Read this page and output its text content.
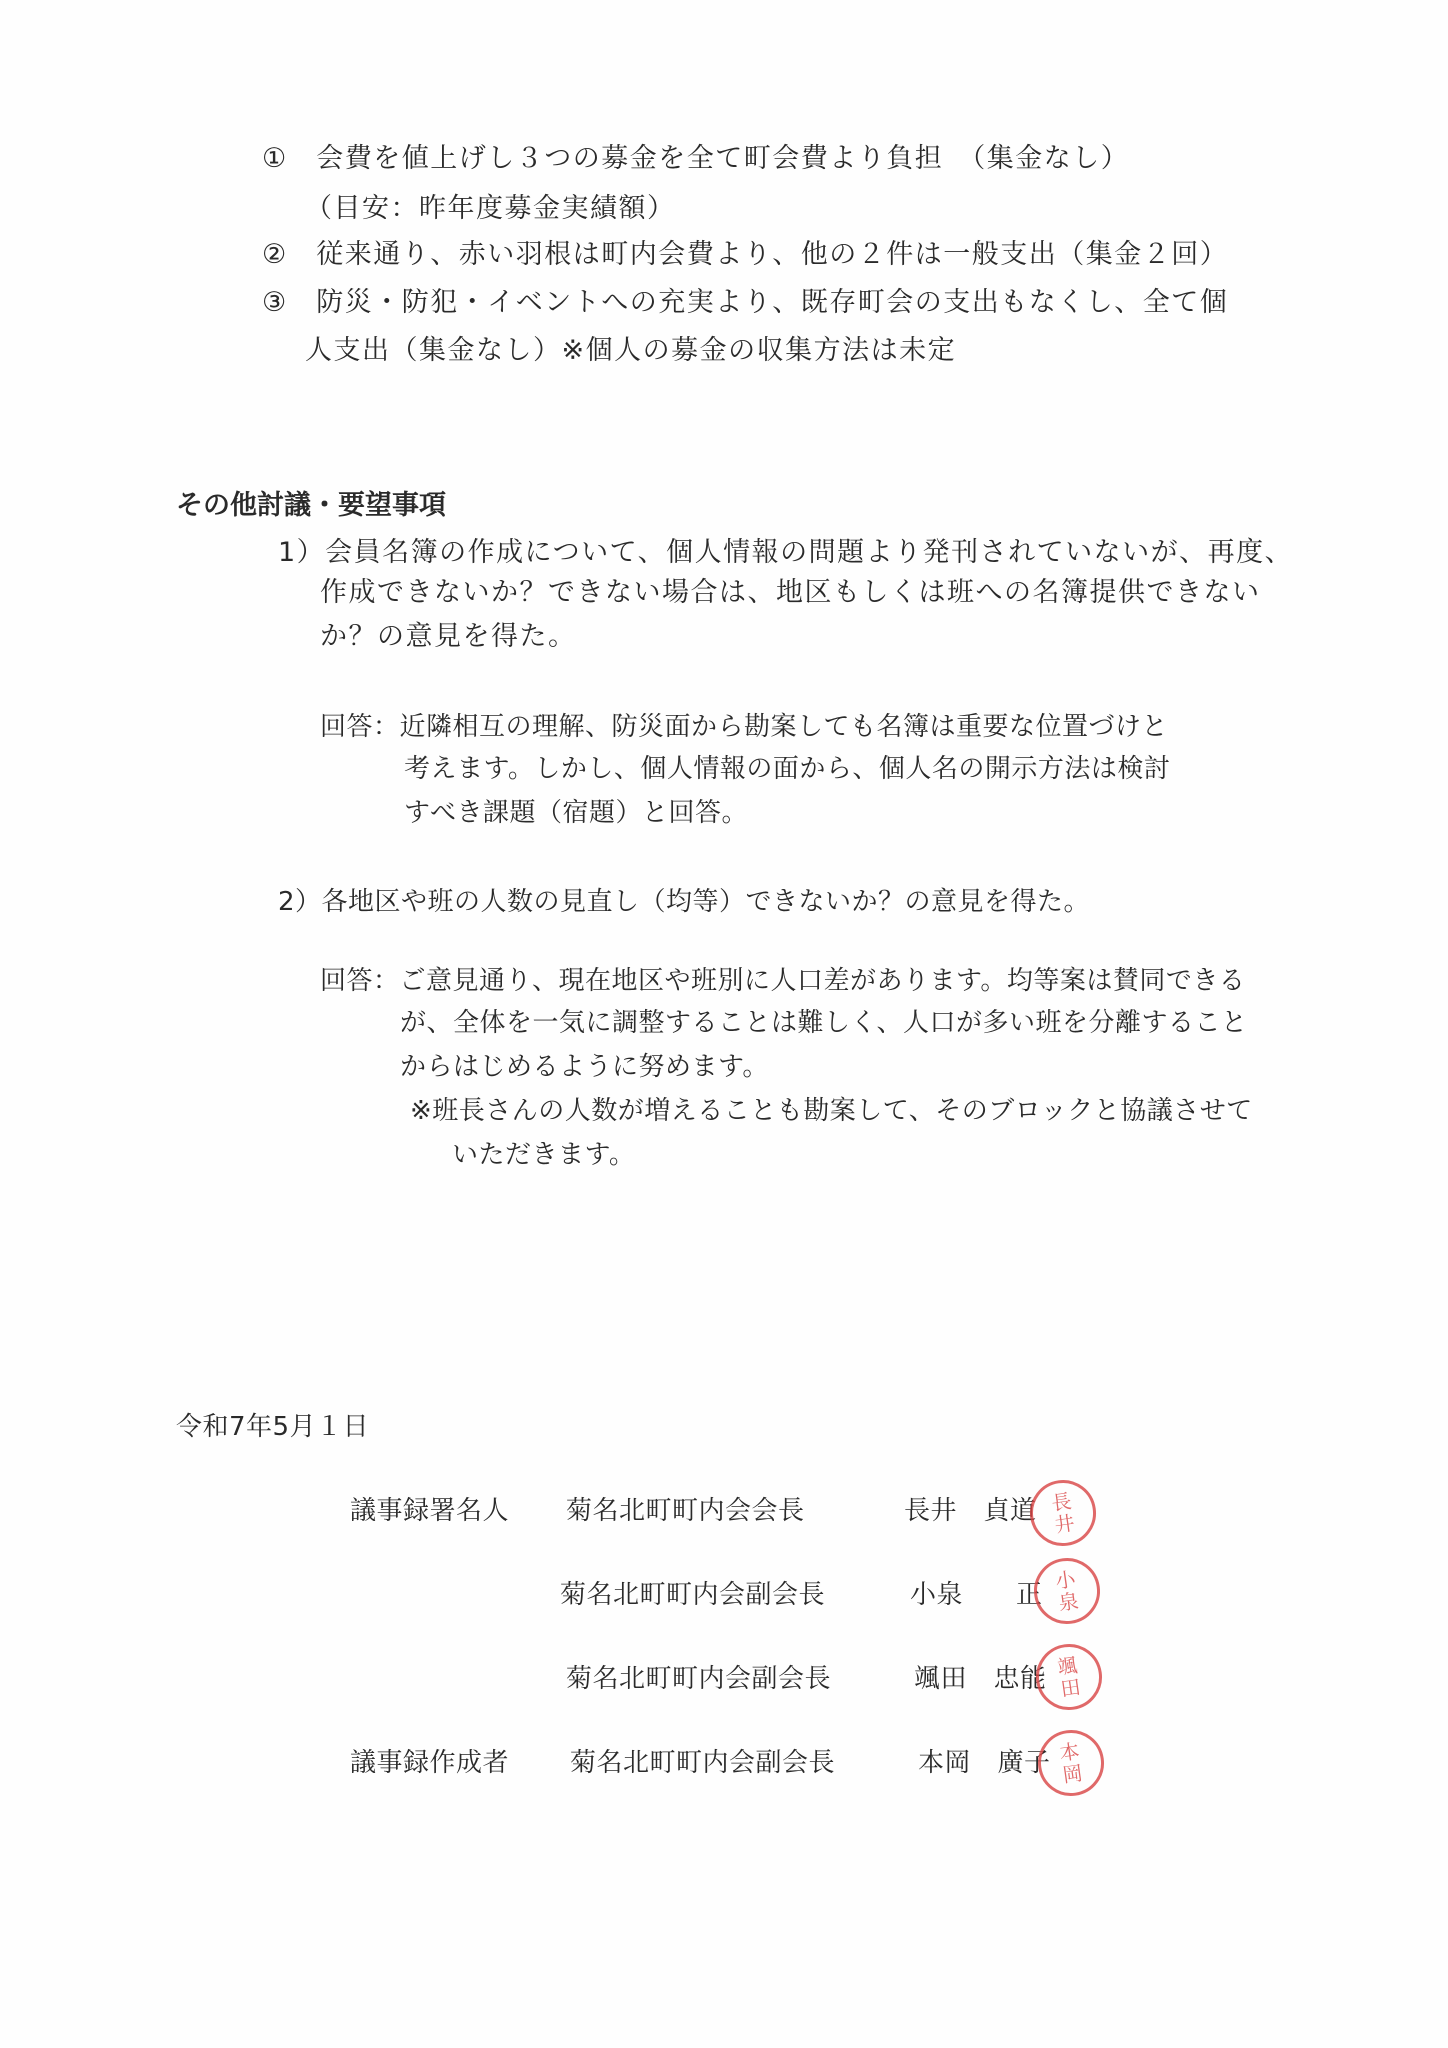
①　会費を値上げし３つの募金を全て町会費より負担　（集金なし）
（目安：昨年度募金実績額）
②　従来通り、赤い羽根は町内会費より、他の２件は一般支出（集金２回）
③　防災・防犯・イベントへの充実より、既存町会の支出もなくし、全て個
人支出（集金なし）※個人の募金の収集方法は未定
その他討議・要望事項
1）会員名簿の作成について、個人情報の問題より発刊されていないが、再度、
作成できないか？できない場合は、地区もしくは班への名簿提供できない
か？の意見を得た。
回答：近隣相互の理解、防災面から勘案しても名簿は重要な位置づけと
考えます。しかし、個人情報の面から、個人名の開示方法は検討
すべき課題（宿題）と回答。
2）各地区や班の人数の見直し（均等）できないか？の意見を得た。
回答：ご意見通り、現在地区や班別に人口差があります。均等案は賛同できる
が、全体を一気に調整することは難しく、人口が多い班を分離すること
からはじめるように努めます。
※班長さんの人数が増えることも勘案して、そのブロックと協議させて
いただきます。
令和7年5月１日
議事録署名人 菊名北町町内会会長	長井　貞道 長
井
菊名北町町内会副会長	小泉　　正 小
泉
菊名北町町内会副会長	颯田　忠能 颯
田
議事録作成者 菊名北町町内会副会長	本岡　廣子 本
岡
